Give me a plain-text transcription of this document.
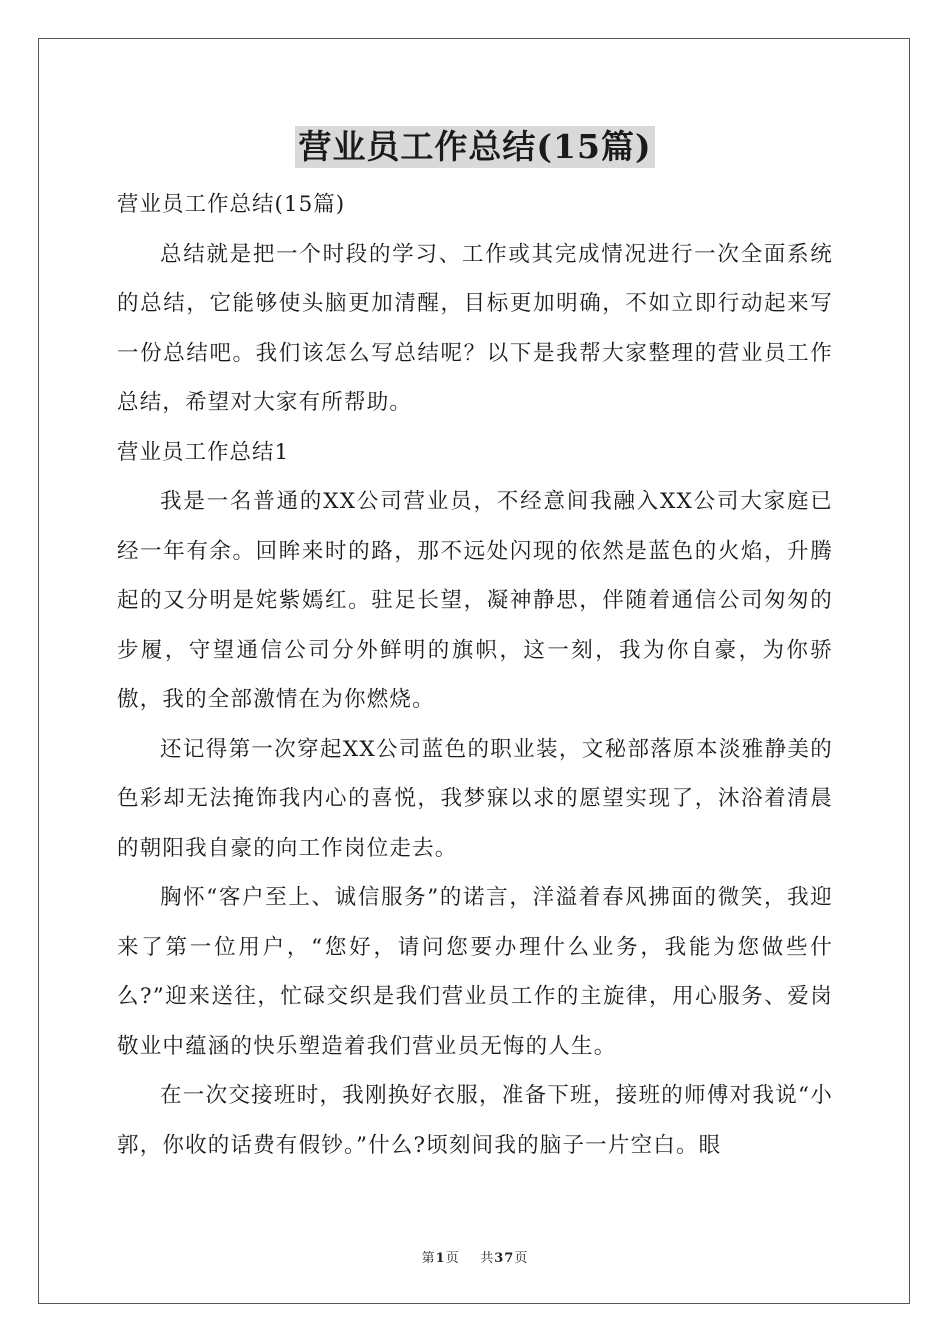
营业员工作总结(15篇)

营业员工作总结(15篇)

总结就是把一个时段的学习、工作或其完成情况进行一次全面系统的总结，它能够使头脑更加清醒，目标更加明确，不如立即行动起来写一份总结吧。我们该怎么写总结呢？以下是我帮大家整理的营业员工作总结，希望对大家有所帮助。

营业员工作总结1

我是一名普通的XX公司营业员，不经意间我融入XX公司大家庭已经一年有余。回眸来时的路，那不远处闪现的依然是蓝色的火焰，升腾起的又分明是姹紫嫣红。驻足长望，凝神静思，伴随着通信公司匆匆的步履，守望通信公司分外鲜明的旗帜，这一刻，我为你自豪，为你骄傲，我的全部激情在为你燃烧。

还记得第一次穿起XX公司蓝色的职业装，文秘部落原本淡雅静美的色彩却无法掩饰我内心的喜悦，我梦寐以求的愿望实现了，沐浴着清晨的朝阳我自豪的向工作岗位走去。

胸怀“客户至上、诚信服务”的诺言，洋溢着春风拂面的微笑，我迎来了第一位用户，“您好，请问您要办理什么业务，我能为您做些什么?”迎来送往，忙碌交织是我们营业员工作的主旋律，用心服务、爱岗敬业中蕴涵的快乐塑造着我们营业员无悔的人生。

在一次交接班时，我刚换好衣服，准备下班，接班的师傅对我说“小郭，你收的话费有假钞。”什么?顷刻间我的脑子一片空白。眼

第1页 共37页
